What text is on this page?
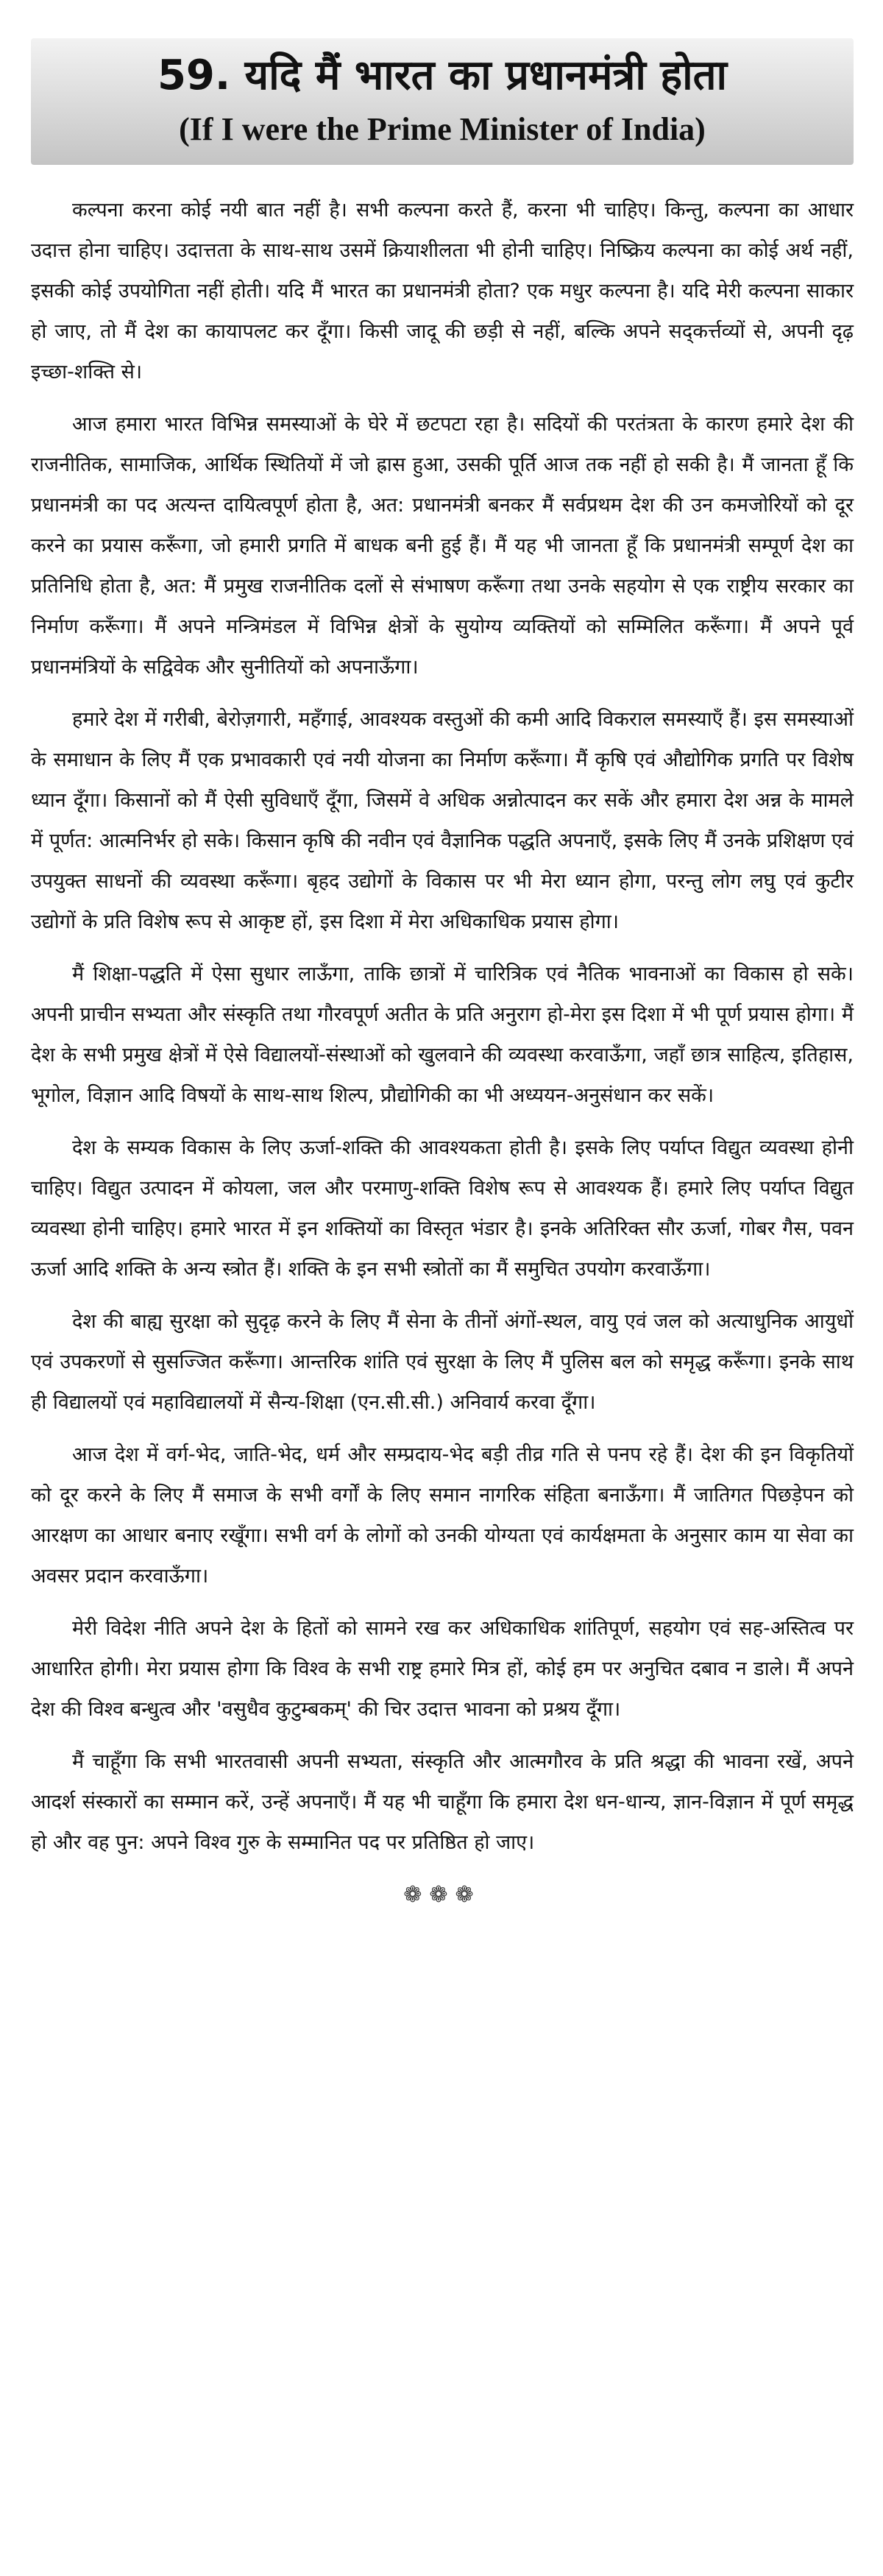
59. यदि मैं भारत का प्रधानमंत्री होता
(If I were the Prime Minister of India)

कल्पना करना कोई नयी बात नहीं है। सभी कल्पना करते हैं, करना भी चाहिए। किन्तु, कल्पना का आधार उदात्त होना चाहिए। उदात्तता के साथ-साथ उसमें क्रियाशीलता भी होनी चाहिए। निष्क्रिय कल्पना का कोई अर्थ नहीं, इसकी कोई उपयोगिता नहीं होती। यदि मैं भारत का प्रधानमंत्री होता? एक मधुर कल्पना है। यदि मेरी कल्पना साकार हो जाए, तो मैं देश का कायापलट कर दूँगा। किसी जादू की छड़ी से नहीं, बल्कि अपने सद्कर्त्तव्यों से, अपनी दृढ़ इच्छा-शक्ति से।

आज हमारा भारत विभिन्न समस्याओं के घेरे में छटपटा रहा है। सदियों की परतंत्रता के कारण हमारे देश की राजनीतिक, सामाजिक, आर्थिक स्थितियों में जो ह्रास हुआ, उसकी पूर्ति आज तक नहीं हो सकी है। मैं जानता हूँ कि प्रधानमंत्री का पद अत्यन्त दायित्वपूर्ण होता है, अत: प्रधानमंत्री बनकर मैं सर्वप्रथम देश की उन कमजोरियों को दूर करने का प्रयास करूँगा, जो हमारी प्रगति में बाधक बनी हुई हैं। मैं यह भी जानता हूँ कि प्रधानमंत्री सम्पूर्ण देश का प्रतिनिधि होता है, अत: मैं प्रमुख राजनीतिक दलों से संभाषण करूँगा तथा उनके सहयोग से एक राष्ट्रीय सरकार का निर्माण करूँगा। मैं अपने मन्त्रिमंडल में विभिन्न क्षेत्रों के सुयोग्य व्यक्तियों को सम्मिलित करूँगा। मैं अपने पूर्व प्रधानमंत्रियों के सद्विवेक और सुनीतियों को अपनाऊँगा।

हमारे देश में गरीबी, बेरोज़गारी, महँगाई, आवश्यक वस्तुओं की कमी आदि विकराल समस्याएँ हैं। इस समस्याओं के समाधान के लिए मैं एक प्रभावकारी एवं नयी योजना का निर्माण करूँगा। मैं कृषि एवं औद्योगिक प्रगति पर विशेष ध्यान दूँगा। किसानों को मैं ऐसी सुविधाएँ दूँगा, जिसमें वे अधिक अन्नोत्पादन कर सकें और हमारा देश अन्न के मामले में पूर्णत: आत्मनिर्भर हो सके। किसान कृषि की नवीन एवं वैज्ञानिक पद्धति अपनाएँ, इसके लिए मैं उनके प्रशिक्षण एवं उपयुक्त साधनों की व्यवस्था करूँगा। बृहद उद्योगों के विकास पर भी मेरा ध्यान होगा, परन्तु लोग लघु एवं कुटीर उद्योगों के प्रति विशेष रूप से आकृष्ट हों, इस दिशा में मेरा अधिकाधिक प्रयास होगा।

मैं शिक्षा-पद्धति में ऐसा सुधार लाऊँगा, ताकि छात्रों में चारित्रिक एवं नैतिक भावनाओं का विकास हो सके। अपनी प्राचीन सभ्यता और संस्कृति तथा गौरवपूर्ण अतीत के प्रति अनुराग हो-मेरा इस दिशा में भी पूर्ण प्रयास होगा। मैं देश के सभी प्रमुख क्षेत्रों में ऐसे विद्यालयों-संस्थाओं को खुलवाने की व्यवस्था करवाऊँगा, जहाँ छात्र साहित्य, इतिहास, भूगोल, विज्ञान आदि विषयों के साथ-साथ शिल्प, प्रौद्योगिकी का भी अध्ययन-अनुसंधान कर सकें।

देश के सम्यक विकास के लिए ऊर्जा-शक्ति की आवश्यकता होती है। इसके लिए पर्याप्त विद्युत व्यवस्था होनी चाहिए। विद्युत उत्पादन में कोयला, जल और परमाणु-शक्ति विशेष रूप से आवश्यक हैं। हमारे लिए पर्याप्त विद्युत व्यवस्था होनी चाहिए। हमारे भारत में इन शक्तियों का विस्तृत भंडार है। इनके अतिरिक्त सौर ऊर्जा, गोबर गैस, पवन ऊर्जा आदि शक्ति के अन्य स्त्रोत हैं। शक्ति के इन सभी स्त्रोतों का मैं समुचित उपयोग करवाऊँगा।

देश की बाह्य सुरक्षा को सुदृढ़ करने के लिए मैं सेना के तीनों अंगों-स्थल, वायु एवं जल को अत्याधुनिक आयुधों एवं उपकरणों से सुसज्जित करूँगा। आन्तरिक शांति एवं सुरक्षा के लिए मैं पुलिस बल को समृद्ध करूँगा। इनके साथ ही विद्यालयों एवं महाविद्यालयों में सैन्य-शिक्षा (एन.सी.सी.) अनिवार्य करवा दूँगा।

आज देश में वर्ग-भेद, जाति-भेद, धर्म और सम्प्रदाय-भेद बड़ी तीव्र गति से पनप रहे हैं। देश की इन विकृतियों को दूर करने के लिए मैं समाज के सभी वर्गों के लिए समान नागरिक संहिता बनाऊँगा। मैं जातिगत पिछड़ेपन को आरक्षण का आधार बनाए रखूँगा। सभी वर्ग के लोगों को उनकी योग्यता एवं कार्यक्षमता के अनुसार काम या सेवा का अवसर प्रदान करवाऊँगा।

मेरी विदेश नीति अपने देश के हितों को सामने रख कर अधिकाधिक शांतिपूर्ण, सहयोग एवं सह-अस्तित्व पर आधारित होगी। मेरा प्रयास होगा कि विश्व के सभी राष्ट्र हमारे मित्र हों, कोई हम पर अनुचित दबाव न डाले। मैं अपने देश की विश्व बन्धुत्व और 'वसुधैव कुटुम्बकम्' की चिर उदात्त भावना को प्रश्रय दूँगा।

मैं चाहूँगा कि सभी भारतवासी अपनी सभ्यता, संस्कृति और आत्मगौरव के प्रति श्रद्धा की भावना रखें, अपने आदर्श संस्कारों का सम्मान करें, उन्हें अपनाएँ। मैं यह भी चाहूँगा कि हमारा देश धन-धान्य, ज्ञान-विज्ञान में पूर्ण समृद्ध हो और वह पुन: अपने विश्व गुरु के सम्मानित पद पर प्रतिष्ठित हो जाए।

❁❁❁
